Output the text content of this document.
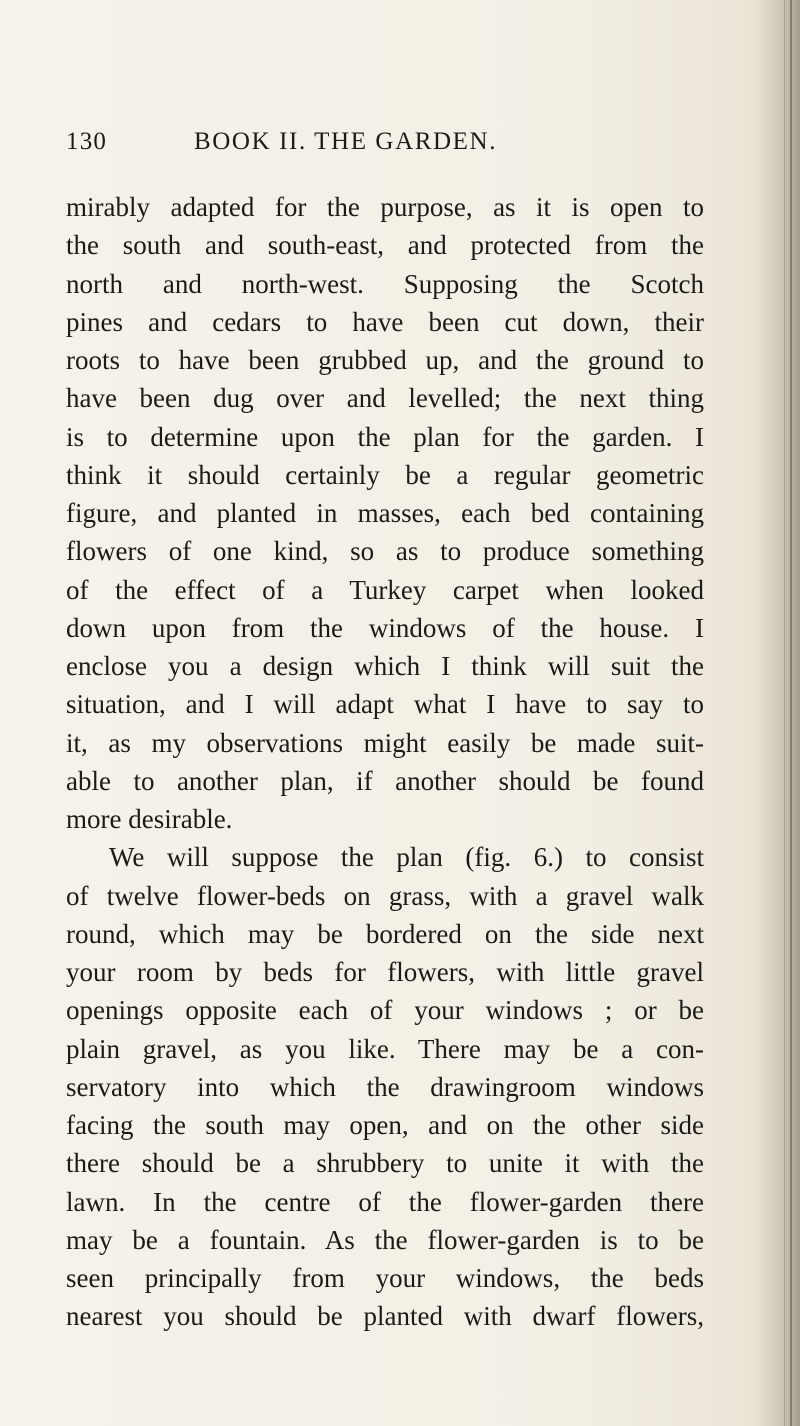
130	BOOK II. THE GARDEN.
mirably adapted for the purpose, as it is open to
the south and south-east, and protected from the
north and north-west. Supposing the Scotch
pines and cedars to have been cut down, their
roots to have been grubbed up, and the ground to
have been dug over and levelled; the next thing
is to determine upon the plan for the garden. I
think it should certainly be a regular geometric
figure, and planted in masses, each bed containing
flowers of one kind, so as to produce something
of the effect of a Turkey carpet when looked
down upon from the windows of the house. I
enclose you a design which I think will suit the
situation, and I will adapt what I have to say to
it, as my observations might easily be made suit-
able to another plan, if another should be found
more desirable.
We will suppose the plan (fig. 6.) to consist
of twelve flower-beds on grass, with a gravel walk
round, which may be bordered on the side next
your room by beds for flowers, with little gravel
openings opposite each of your windows ; or be
plain gravel, as you like. There may be a con-
servatory into which the drawingroom windows
facing the south may open, and on the other side
there should be a shrubbery to unite it with the
lawn. In the centre of the flower-garden there
may be a fountain. As the flower-garden is to be
seen principally from your windows, the beds
nearest you should be planted with dwarf flowers,
